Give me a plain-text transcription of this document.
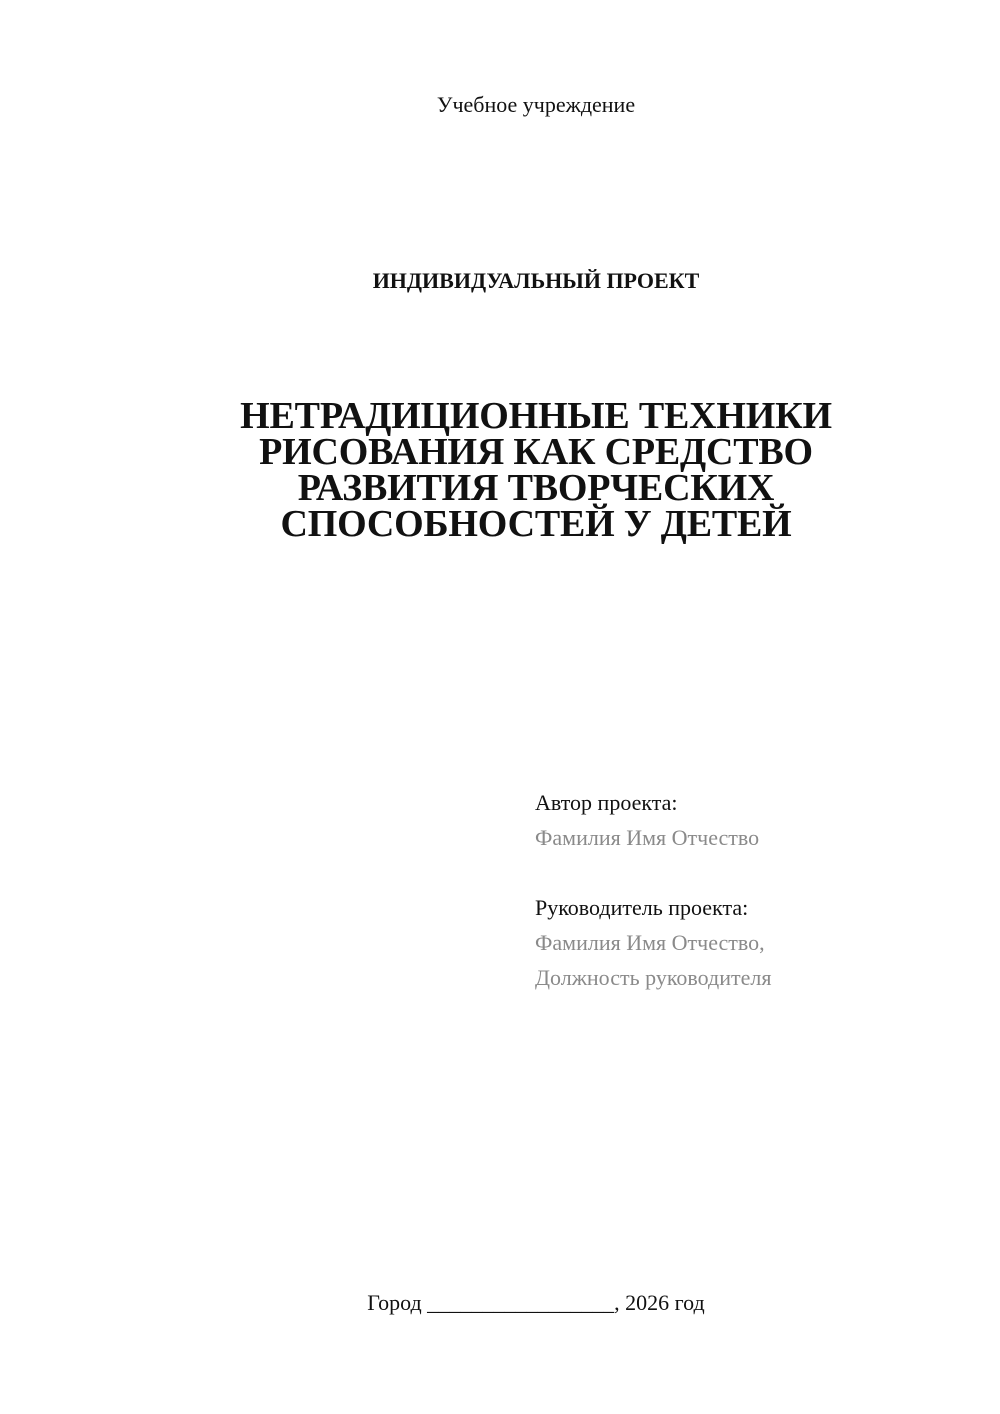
Учебное учреждение
ИНДИВИДУАЛЬНЫЙ ПРОЕКТ
НЕТРАДИЦИОННЫЕ ТЕХНИКИ
РИСОВАНИЯ КАК СРЕДСТВО
РАЗВИТИЯ ТВОРЧЕСКИХ
СПОСОБНОСТЕЙ У ДЕТЕЙ
Автор проекта:
Фамилия Имя Отчество
Руководитель проекта:
Фамилия Имя Отчество,
Должность руководителя
Город _________________, 2026 год
